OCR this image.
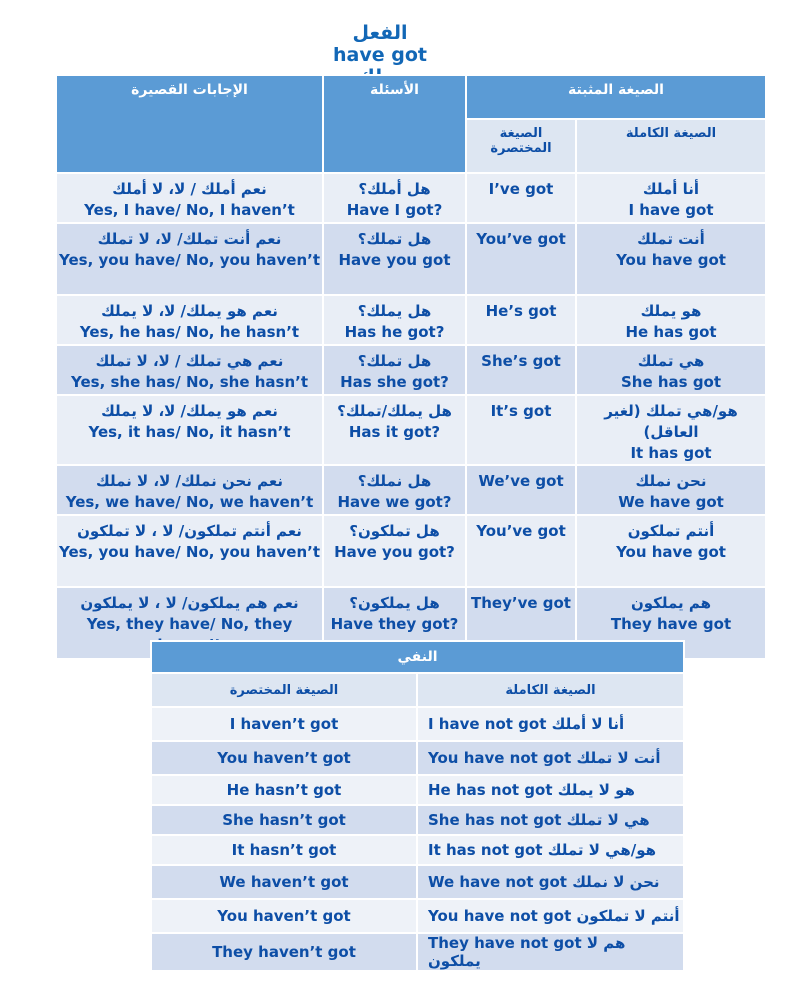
الفعل
have got
الإجابات القصيرة	الأسئلة	الصيغة المثبتة	
		الصيغة المختصرة	الصيغة الكاملة

نعم أملك / لا، لا أملك
Yes, I have/ No, I haven’t	هل أملك؟
Have I got?	I’ve got	أنا أملك
I have got

نعم أنت تملك/ لا، لا تملك
Yes, you have/ No, you haven’t	هل تملك؟
Have you got	You’ve got	أنت تملك
You have got

نعم هو يملك/ لا، لا يملك
Yes, he has/ No, he hasn’t	هل يملك؟
Has he got?	He’s got	هو يملك
He has got

نعم هي تملك / لا، لا تملك
Yes, she has/ No, she hasn’t	هل تملك؟
Has she got?	She’s got	هي تملك
She has got

نعم هو يملك/ لا، لا يملك
Yes, it has/ No, it hasn’t	هل يملك/تملك؟
Has it got?	It’s got	هو/هي تملك (لغير العاقل)
It has got

نعم نحن نملك/ لا، لا نملك
Yes, we have/ No, we haven’t	هل نملك؟
Have we got?	We’ve got	نحن نملك
We have got

نعم أنتم تملكون/ لا ، لا تملكون
Yes, you have/ No, you haven’t	هل تملكون؟
Have you got?	You’ve got	أنتم تملكون
You have got

نعم هم يملكون/ لا ، لا يملكون
Yes, they have/ No, they	هل يملكون؟
Have they got?	They’ve got	هم يملكون
They have got
النفي	
الصيغة المختصرة	الصيغة الكاملة
I haven’t got	I have not got أنا لا أملك
You haven’t got	You have not got أنت لا تملك
He hasn’t got	He has not got هو لا يملك
She hasn’t got	She has not got هي لا تملك
It hasn’t got	It has not got هو/هي لا تملك
We haven’t got	We have not got نحن لا نملك
You haven’t got	You have not got أنتم لا تملكون
They haven’t got	They have not got هم لا يملكون
